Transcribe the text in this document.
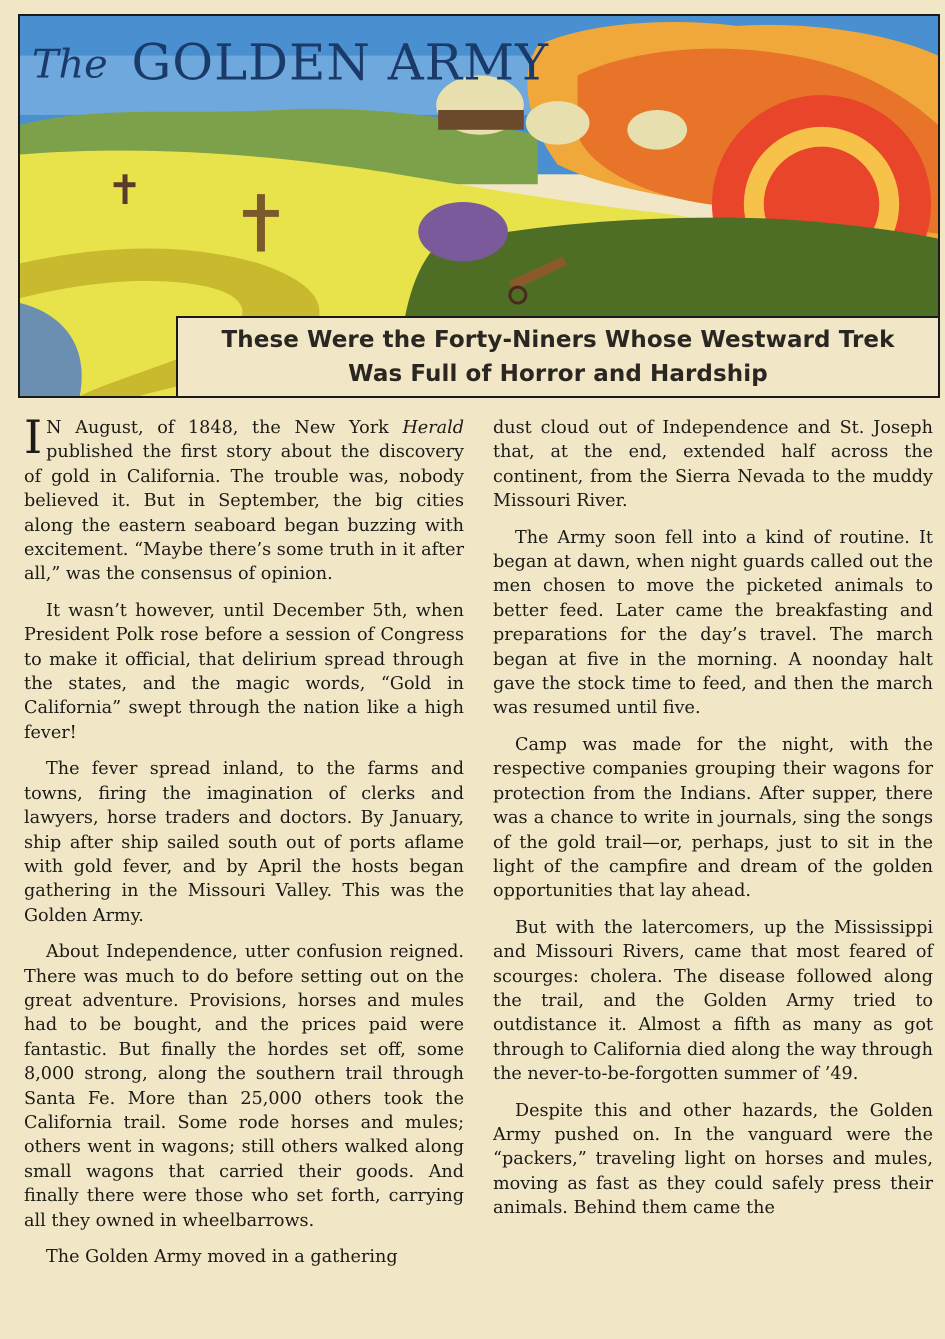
The GOLDEN ARMY
These Were the Forty-Niners Whose Westward Trek
Was Full of Horror and Hardship

I N August, of 1848, the New York Herald published the first story about the discovery of gold in California. The trouble was, nobody believed it. But in September, the big cities along the eastern seaboard began buzzing with excitement. “Maybe there’s some truth in it after all,” was the consensus of opinion.

It wasn’t however, until December 5th, when President Polk rose before a session of Congress to make it official, that delirium spread through the states, and the magic words, “Gold in California” swept through the nation like a high fever!

The fever spread inland, to the farms and towns, firing the imagination of clerks and lawyers, horse traders and doctors. By January, ship after ship sailed south out of ports aflame with gold fever, and by April the hosts began gathering in the Missouri Valley. This was the Golden Army.

About Independence, utter confusion reigned. There was much to do before setting out on the great adventure. Provisions, horses and mules had to be bought, and the prices paid were fantastic. But finally the hordes set off, some 8,000 strong, along the southern trail through Santa Fe. More than 25,000 others took the California trail. Some rode horses and mules; others went in wagons; still others walked along small wagons that carried their goods. And finally there were those who set forth, carrying all they owned in wheelbarrows.

The Golden Army moved in a gathering

dust cloud out of Independence and St. Joseph that, at the end, extended half across the continent, from the Sierra Nevada to the muddy Missouri River.

The Army soon fell into a kind of routine. It began at dawn, when night guards called out the men chosen to move the picketed animals to better feed. Later came the breakfasting and preparations for the day’s travel. The march began at five in the morning. A noonday halt gave the stock time to feed, and then the march was resumed until five.

Camp was made for the night, with the respective companies grouping their wagons for protection from the Indians. After supper, there was a chance to write in journals, sing the songs of the gold trail—or, perhaps, just to sit in the light of the campfire and dream of the golden opportunities that lay ahead.

But with the latercomers, up the Mississippi and Missouri Rivers, came that most feared of scourges: cholera. The disease followed along the trail, and the Golden Army tried to outdistance it. Almost a fifth as many as got through to California died along the way through the never-to-be-forgotten summer of ’49.

Despite this and other hazards, the Golden Army pushed on. In the vanguard were the “packers,” traveling light on horses and mules, moving as fast as they could safely press their animals. Behind them came the
